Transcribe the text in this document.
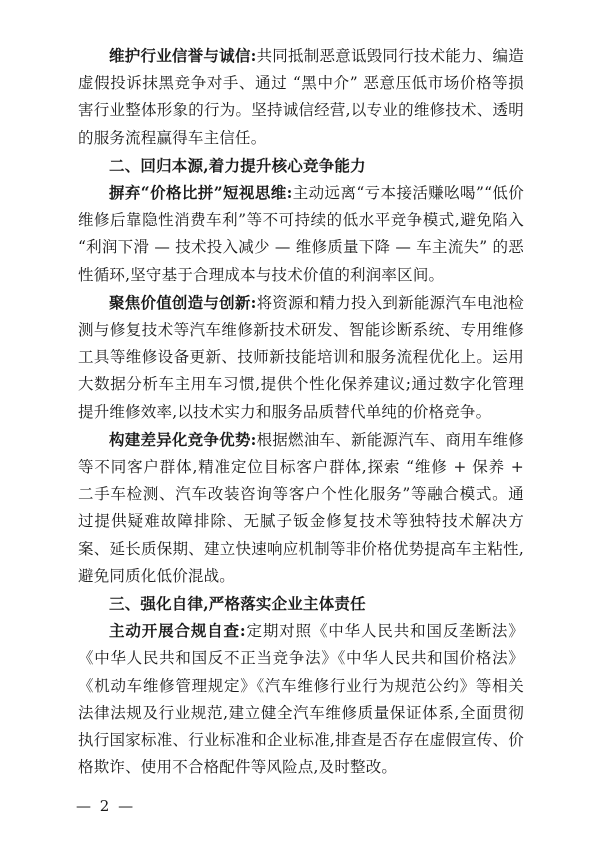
维护行业信誉与诚信:共同抵制恶意诋毁同行技术能力、编造虚假投诉抹黑竞争对手、通过 “黑中介” 恶意压低市场价格等损害行业整体形象的行为。坚持诚信经营,以专业的维修技术、透明的服务流程赢得车主信任。

二、回归本源,着力提升核心竞争能力

摒弃“价格比拼”短视思维:主动远离“亏本接活赚吆喝”“低价维修后靠隐性消费车利”等不可持续的低水平竞争模式,避免陷入 “利润下滑 — 技术投入减少 — 维修质量下降 — 车主流失” 的恶性循环,坚守基于合理成本与技术价值的利润率区间。

聚焦价值创造与创新:将资源和精力投入到新能源汽车电池检测与修复技术等汽车维修新技术研发、智能诊断系统、专用维修工具等维修设备更新、技师新技能培训和服务流程优化上。运用大数据分析车主用车习惯,提供个性化保养建议;通过数字化管理提升维修效率,以技术实力和服务品质替代单纯的价格竞争。

构建差异化竞争优势:根据燃油车、新能源汽车、商用车维修等不同客户群体,精准定位目标客户群体,探索 “维修 + 保养 + 二手车检测、汽车改装咨询等客户个性化服务”等融合模式。通过提供疑难故障排除、无腻子钣金修复技术等独特技术解决方案、延长质保期、建立快速响应机制等非价格优势提高车主粘性,避免同质化低价混战。

三、强化自律,严格落实企业主体责任

主动开展合规自查:定期对照《中华人民共和国反垄断法》《中华人民共和国反不正当竞争法》《中华人民共和国价格法》《机动车维修管理规定》《汽车维修行业行为规范公约》等相关法律法规及行业规范,建立健全汽车维修质量保证体系,全面贯彻执行国家标准、行业标准和企业标准,排查是否存在虚假宣传、价格欺诈、使用不合格配件等风险点,及时整改。

— 2 —
